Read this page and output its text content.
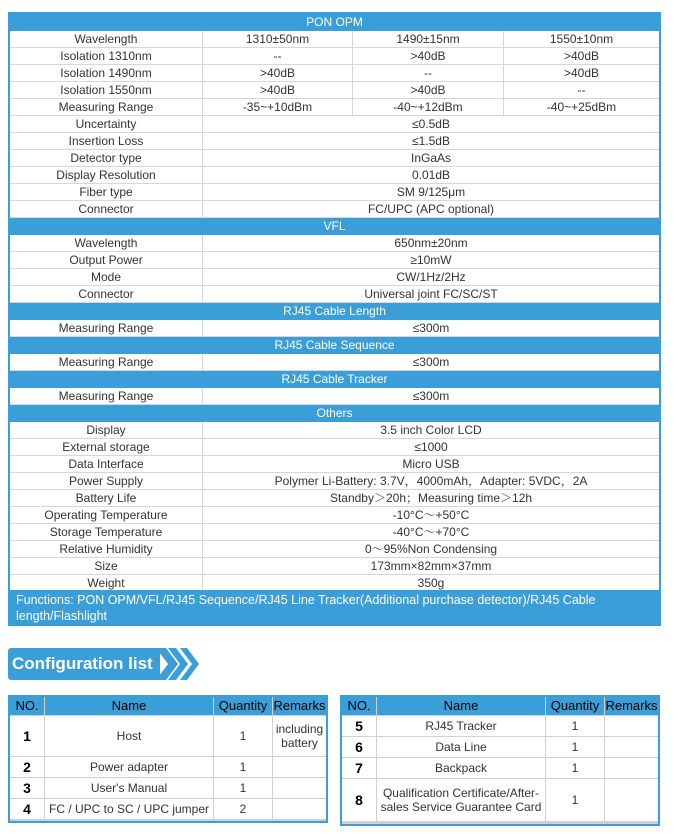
PON OPM
Wavelength	1310±50nm	1490±15nm	1550±10nm
Isolation 1310nm	--	>40dB	>40dB
Isolation 1490nm	>40dB	--	>40dB
Isolation 1550nm	>40dB	>40dB	--
Measuring Range	-35~+10dBm	-40~+12dBm	-40~+25dBm
Uncertainty	≤0.5dB
Insertion Loss	≤1.5dB
Detector type	InGaAs
Display Resolution	0.01dB
Fiber type	SM 9/125μm
Connector	FC/UPC (APC optional)
VFL
Wavelength	650nm±20nm
Output Power	≥10mW
Mode	CW/1Hz/2Hz
Connector	Universal joint FC/SC/ST
RJ45 Cable Length
Measuring Range	≤300m
RJ45 Cable Sequence
Measuring Range	≤300m
RJ45 Cable Tracker
Measuring Range	≤300m
Others
Display	3.5 inch Color LCD
External storage	≤1000
Data Interface	Micro USB
Power Supply	Polymer Li-Battery: 3.7V，4000mAh，Adapter: 5VDC，2A
Battery Life	Standby＞20h；Measuring time＞12h
Operating Temperature	-10°C～+50°C
Storage Temperature	-40°C～+70°C
Relative Humidity	0～95%Non Condensing
Size	173mm×82mm×37mm
Weight	350g
Functions: PON OPM/VFL/RJ45 Sequence/RJ45 Line Tracker(Additional purchase detector)/RJ45 Cable length/Flashlight
Configuration list
NO.	Name	Quantity Remarks
1	Host	1	including battery
2	Power adapter	1
3	User's Manual	1
4	FC / UPC to SC / UPC jumper	2
NO.	Name	Quantity Remarks
5	RJ45 Tracker	1
6	Data Line	1
7	Backpack	1
8	Qualification Certificate/After-sales Service Guarantee Card	1
